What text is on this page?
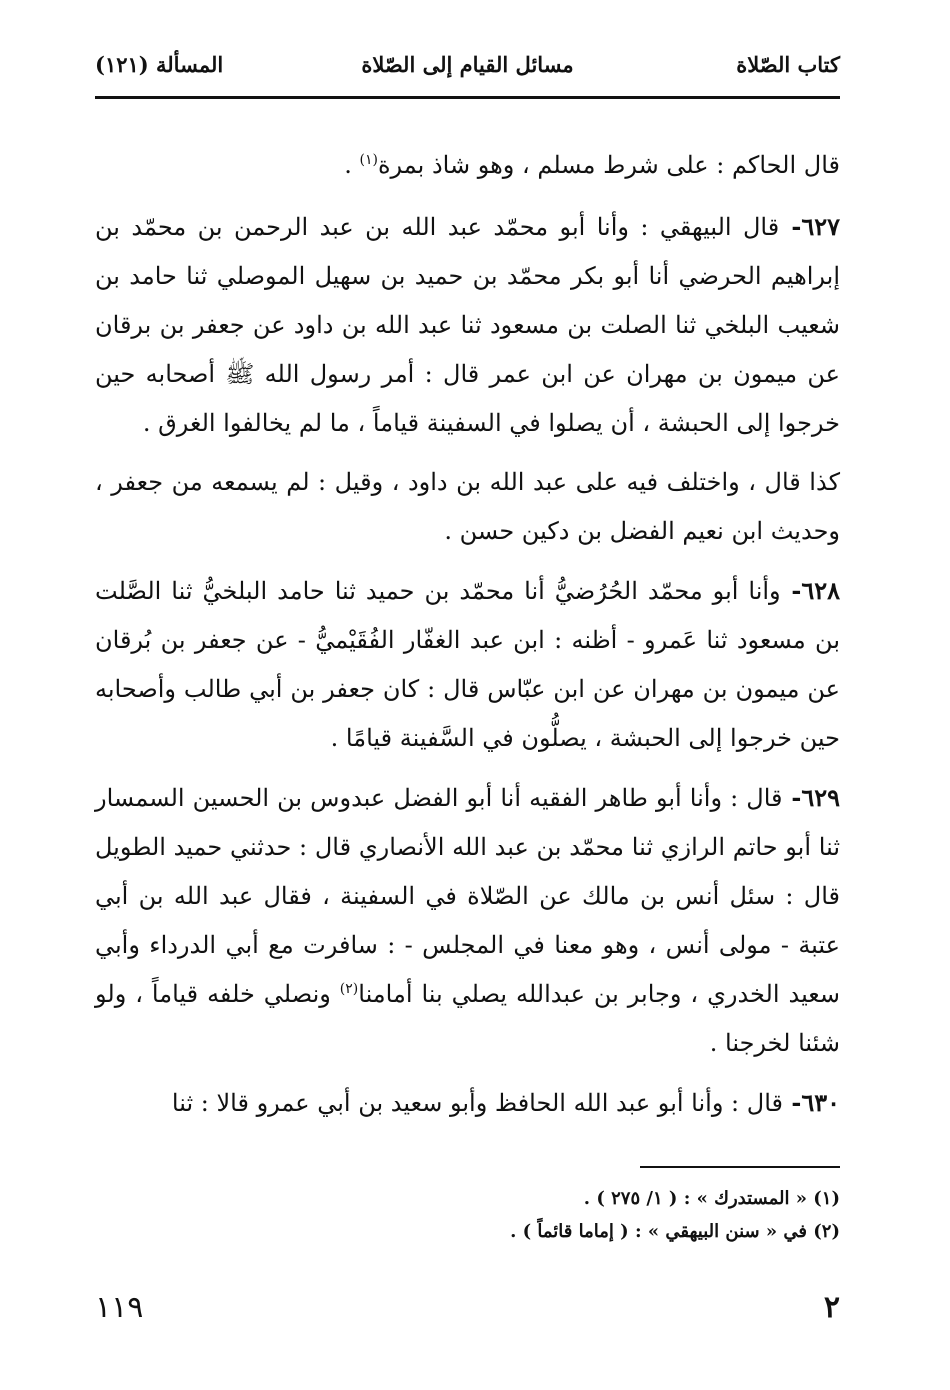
كتاب الصّلاة
مسائل القيام إلى الصّلاة
المسألة (١٢١)

قال الحاكم : على شرط مسلم ، وهو شاذ بمرة$^{(١)}$ .

٦٢٧- قال البيهقي : وأنا أبو محمّد عبد الله بن عبد الرحمن بن محمّد بن إبراهيم الحرضي أنا أبو بكر محمّد بن حميد بن سهيل الموصلي ثنا حامد بن شعيب البلخي ثنا الصلت بن مسعود ثنا عبد الله بن داود عن جعفر بن برقان عن ميمون بن مهران عن ابن عمر قال : أمر رسول الله ﷺ أصحابه حين خرجوا إلى الحبشة ، أن يصلوا في السفينة قياماً ، ما لم يخالفوا الغرق .

كذا قال ، واختلف فيه على عبد الله بن داود ، وقيل : لم يسمعه من جعفر ، وحديث ابن نعيم الفضل بن دكين حسن .

٦٢٨- وأنا أبو محمّد الحُرُضيُّ أنا محمّد بن حميد ثنا حامد البلخيُّ ثنا الصَّلت بن مسعود ثنا عَمرو - أظنه : ابن عبد الغفّار الفُقَيْميُّ - عن جعفر بن بُرقان عن ميمون بن مهران عن ابن عبّاس قال : كان جعفر بن أبي طالب وأصحابه حين خرجوا إلى الحبشة ، يصلُّون في السَّفينة قيامًا .

٦٢٩- قال : وأنا أبو طاهر الفقيه أنا أبو الفضل عبدوس بن الحسين السمسار ثنا أبو حاتم الرازي ثنا محمّد بن عبد الله الأنصاري قال : حدثني حميد الطويل قال : سئل أنس بن مالك عن الصّلاة في السفينة ، فقال عبد الله بن أبي عتبة - مولى أنس ، وهو معنا في المجلس - : سافرت مع أبي الدرداء وأبي سعيد الخدري ، وجابر بن عبدالله يصلي بنا أمامنا$^{(٢)}$ ونصلي خلفه قياماً ، ولو شئنا لخرجنا .

٦٣٠- قال : وأنا أبو عبد الله الحافظ وأبو سعيد بن أبي عمرو قالا : ثنا

(١) « المستدرك » : ( ١/ ٢٧٥ ) .
(٢) في « سنن البيهقي » : ( إماما قائماً ) .
٢
١١٩
